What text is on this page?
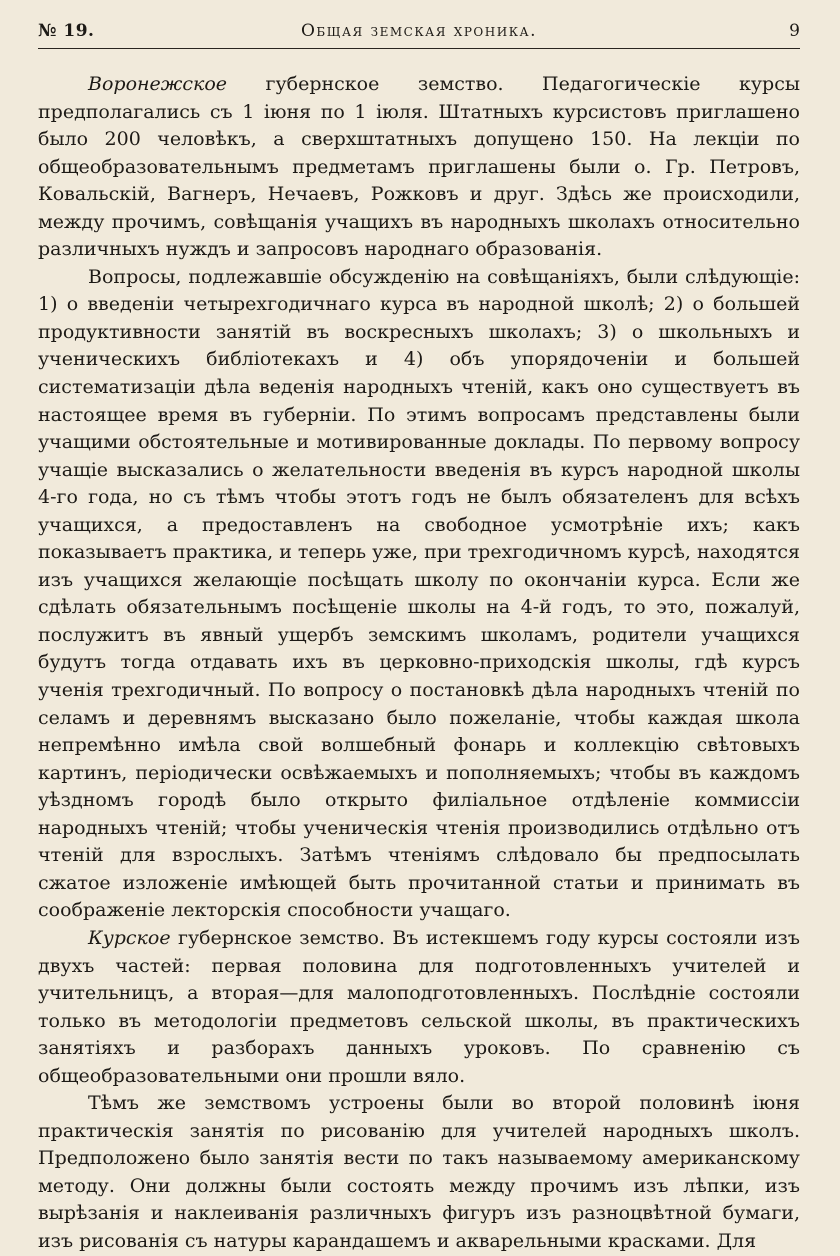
№ 19.	Общая земская хроника.	9

Воронежское губернское земство. Педагогическіе курсы предполагались съ 1 іюня по 1 іюля. Штатныхъ курсистовъ приглашено было 200 человѣкъ, а сверхштатныхъ допущено 150. На лекціи по общеобразовательнымъ предметамъ приглашены были о. Гр. Петровъ, Ковальскій, Вагнеръ, Нечаевъ, Рожковъ и друг. Здѣсь же происходили, между прочимъ, совѣщанія учащихъ въ народныхъ школахъ относительно различныхъ нуждъ и запросовъ народнаго образованія.

Вопросы, подлежавшіе обсужденію на совѣщаніяхъ, были слѣдующіе: 1) о введеніи четырехгодичнаго курса въ народной школѣ; 2) о большей продуктивности занятій въ воскресныхъ школахъ; 3) о школьныхъ и ученическихъ библіотекахъ и 4) объ упорядоченіи и большей систематизаціи дѣла веденія народныхъ чтеній, какъ оно существуетъ въ настоящее время въ губерніи. По этимъ вопросамъ представлены были учащими обстоятельные и мотивированные доклады. По первому вопросу учащіе высказались о желательности введенія въ курсъ народной школы 4-го года, но съ тѣмъ чтобы этотъ годъ не былъ обязателенъ для всѣхъ учащихся, а предоставленъ на свободное усмотрѣніе ихъ; какъ показываетъ практика, и теперь уже, при трехгодичномъ курсѣ, находятся изъ учащихся желающіе посѣщать школу по окончаніи курса. Если же сдѣлать обязательнымъ посѣщеніе школы на 4-й годъ, то это, пожалуй, послужитъ въ явный ущербъ земскимъ школамъ, родители учащихся будутъ тогда отдавать ихъ въ церковно-приходскія школы, гдѣ курсъ ученія трехгодичный. По вопросу о постановкѣ дѣла народныхъ чтеній по селамъ и деревнямъ высказано было пожеланіе, чтобы каждая школа непремѣнно имѣла свой волшебный фонарь и коллекцію свѣтовыхъ картинъ, періодически освѣжаемыхъ и пополняемыхъ; чтобы въ каждомъ уѣздномъ городѣ было открыто филіальное отдѣленіе коммиссіи народныхъ чтеній; чтобы ученическія чтенія производились отдѣльно отъ чтеній для взрослыхъ. Затѣмъ чтеніямъ слѣдовало бы предпосылать сжатое изложеніе имѣющей быть прочитанной статьи и принимать въ соображеніе лекторскія способности учащаго.

Курское губернское земство. Въ истекшемъ году курсы состояли изъ двухъ частей: первая половина для подготовленныхъ учителей и учительницъ, а вторая—для малоподготовленныхъ. Послѣдніе состояли только въ методологіи предметовъ сельской школы, въ практическихъ занятіяхъ и разборахъ данныхъ уроковъ. По сравненію съ общеобразовательными они прошли вяло.

Тѣмъ же земствомъ устроены были во второй половинѣ іюня практическія занятія по рисованію для учителей народныхъ школъ. Предположено было занятія вести по такъ называемому американскому методу. Они должны были состоять между прочимъ изъ лѣпки, изъ вырѣзанія и наклеиванія различныхъ фигуръ изъ разноцвѣтной бумаги, изъ рисованія съ натуры карандашемъ и акварельными красками. Для
